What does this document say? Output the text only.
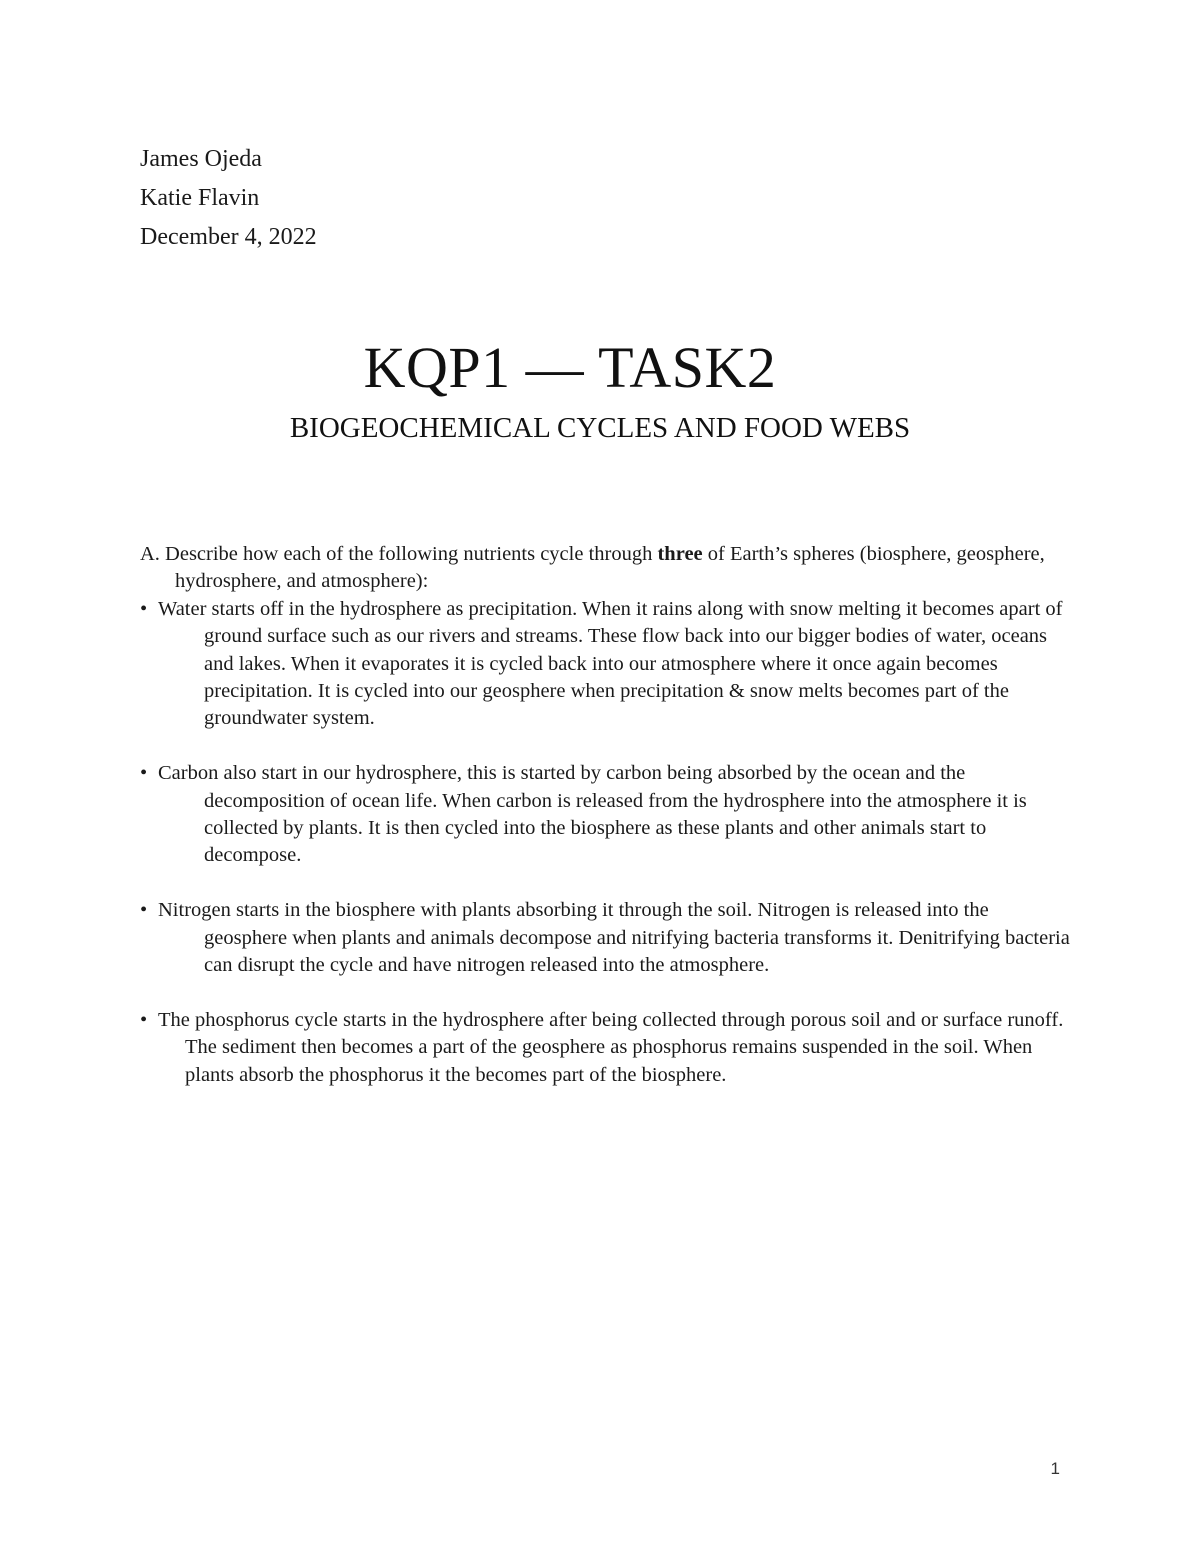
James Ojeda
Katie Flavin
December 4, 2022
KQP1 — TASK2
BIOGEOCHEMICAL CYCLES AND FOOD WEBS

A. Describe how each of the following nutrients cycle through three of Earth’s spheres (biosphere, geosphere, hydrosphere, and atmosphere):

• Water starts off in the hydrosphere as precipitation. When it rains along with snow melting it becomes apart of ground surface such as our rivers and streams. These flow back into our bigger bodies of water, oceans and lakes. When it evaporates it is cycled back into our atmosphere where it once again becomes precipitation. It is cycled into our geosphere when precipitation & snow melts becomes part of the groundwater system.

• Carbon also start in our hydrosphere, this is started by carbon being absorbed by the ocean and the decomposition of ocean life. When carbon is released from the hydrosphere into the atmosphere it is collected by plants. It is then cycled into the biosphere as these plants and other animals start to decompose.

• Nitrogen starts in the biosphere with plants absorbing it through the soil. Nitrogen is released into the geosphere when plants and animals decompose and nitrifying bacteria transforms it. Denitrifying bacteria can disrupt the cycle and have nitrogen released into the atmosphere.

• The phosphorus cycle starts in the hydrosphere after being collected through porous soil and or surface runoff. The sediment then becomes a part of the geosphere as phosphorus remains suspended in the soil. When plants absorb the phosphorus it the becomes part of the biosphere.

1
